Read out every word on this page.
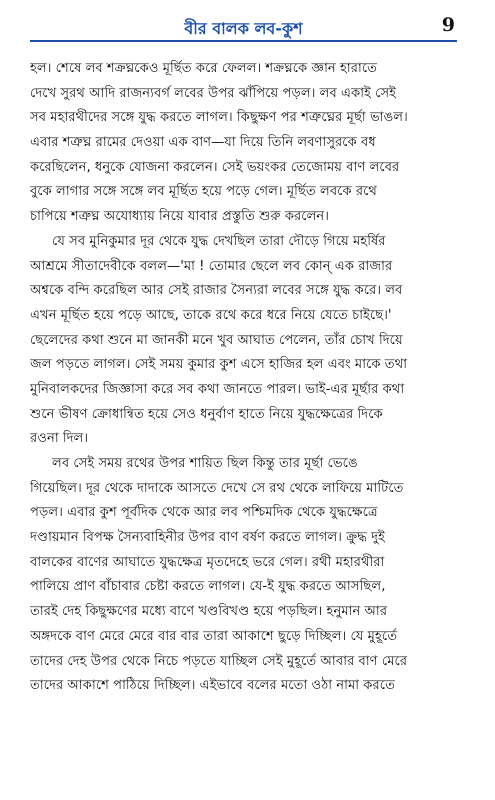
বীর বালক লব-কুশ	9
হল। শেষে লব শক্রঘ্নকেও মূর্ছিত করে ফেলল। শক্রঘ্নকে জ্ঞান হারাতে
দেখে সুরথ আদি রাজন্যবর্গ লবের উপর ঝাঁপিয়ে পড়ল। লব একাই সেই
সব মহারথীদের সঙ্গে যুদ্ধ করতে লাগল। কিছুক্ষণ পর শত্রুঘ্নের মূর্ছা ভাঙল।
এবার শত্রুঘ্ন রামের দেওয়া এক বাণ—যা দিয়ে তিনি লবণাসুরকে বধ
করেছিলেন, ধনুকে যোজনা করলেন। সেই ভয়ংকর তেজোময় বাণ লবের
বুকে লাগার সঙ্গে সঙ্গে লব মূর্ছিত হয়ে পড়ে গেল। মূর্ছিত লবকে রথে
চাপিয়ে শত্রুঘ্ন অযোধ্যায় নিয়ে যাবার প্রস্তুতি শুরু করলেন।
যে সব মুনিকুমার দূর থেকে যুদ্ধ দেখছিল তারা দৌড়ে গিয়ে মহর্ষির
আশ্রমে সীতাদেবীকে বলল—'মা ! তোমার ছেলে লব কোন্ এক রাজার
অশ্বকে বন্দি করেছিল আর সেই রাজার সৈন্যরা লবের সঙ্গে যুদ্ধ করে। লব
এখন মূর্ছিত হয়ে পড়ে আছে, তাকে রথে করে ধরে নিয়ে যেতে চাইছে।'
ছেলেদের কথা শুনে মা জানকী মনে খুব আঘাত পেলেন, তাঁর চোখ দিয়ে
জল পড়তে লাগল। সেই সময় কুমার কুশ এসে হাজির হল এবং মাকে তথা
মুনিবালকদের জিজ্ঞাসা করে সব কথা জানতে পারল। ভাই-এর মূর্ছার কথা
শুনে ভীষণ ক্রোধান্বিত হয়ে সেও ধনুর্বাণ হাতে নিয়ে যুদ্ধক্ষেত্রের দিকে
রওনা দিল।
লব সেই সময় রথের উপর শায়িত ছিল কিন্তু তার মূর্ছা ভেঙে
গিয়েছিল। দূর থেকে দাদাকে আসতে দেখে সে রথ থেকে লাফিয়ে মাটিতে
পড়ল। এবার কুশ পূর্বদিক থেকে আর লব পশ্চিমদিক থেকে যুদ্ধক্ষেত্রে
দণ্ডায়মান বিপক্ষ সৈন্যবাহিনীর উপর বাণ বর্ষণ করতে লাগল। ক্রুদ্ধ দুই
বালকের বাণের আঘাতে যুদ্ধক্ষেত্র মৃতদেহে ভরে গেল। রথী মহারথীরা
পালিয়ে প্রাণ বাঁচাবার চেষ্টা করতে লাগল। যে-ই যুদ্ধ করতে আসছিল,
তারই দেহ কিছুক্ষণের মধ্যে বাণে খণ্ডবিখণ্ড হয়ে পড়ছিল। হনুমান আর
অঙ্গদকে বাণ মেরে মেরে বার বার তারা আকাশে ছুড়ে দিচ্ছিল। যে মুহূর্তে
তাদের দেহ উপর থেকে নিচে পড়তে যাচ্ছিল সেই মুহূর্তে আবার বাণ মেরে
তাদের আকাশে পাঠিয়ে দিচ্ছিল। এইভাবে বলের মতো ওঠা নামা করতে
